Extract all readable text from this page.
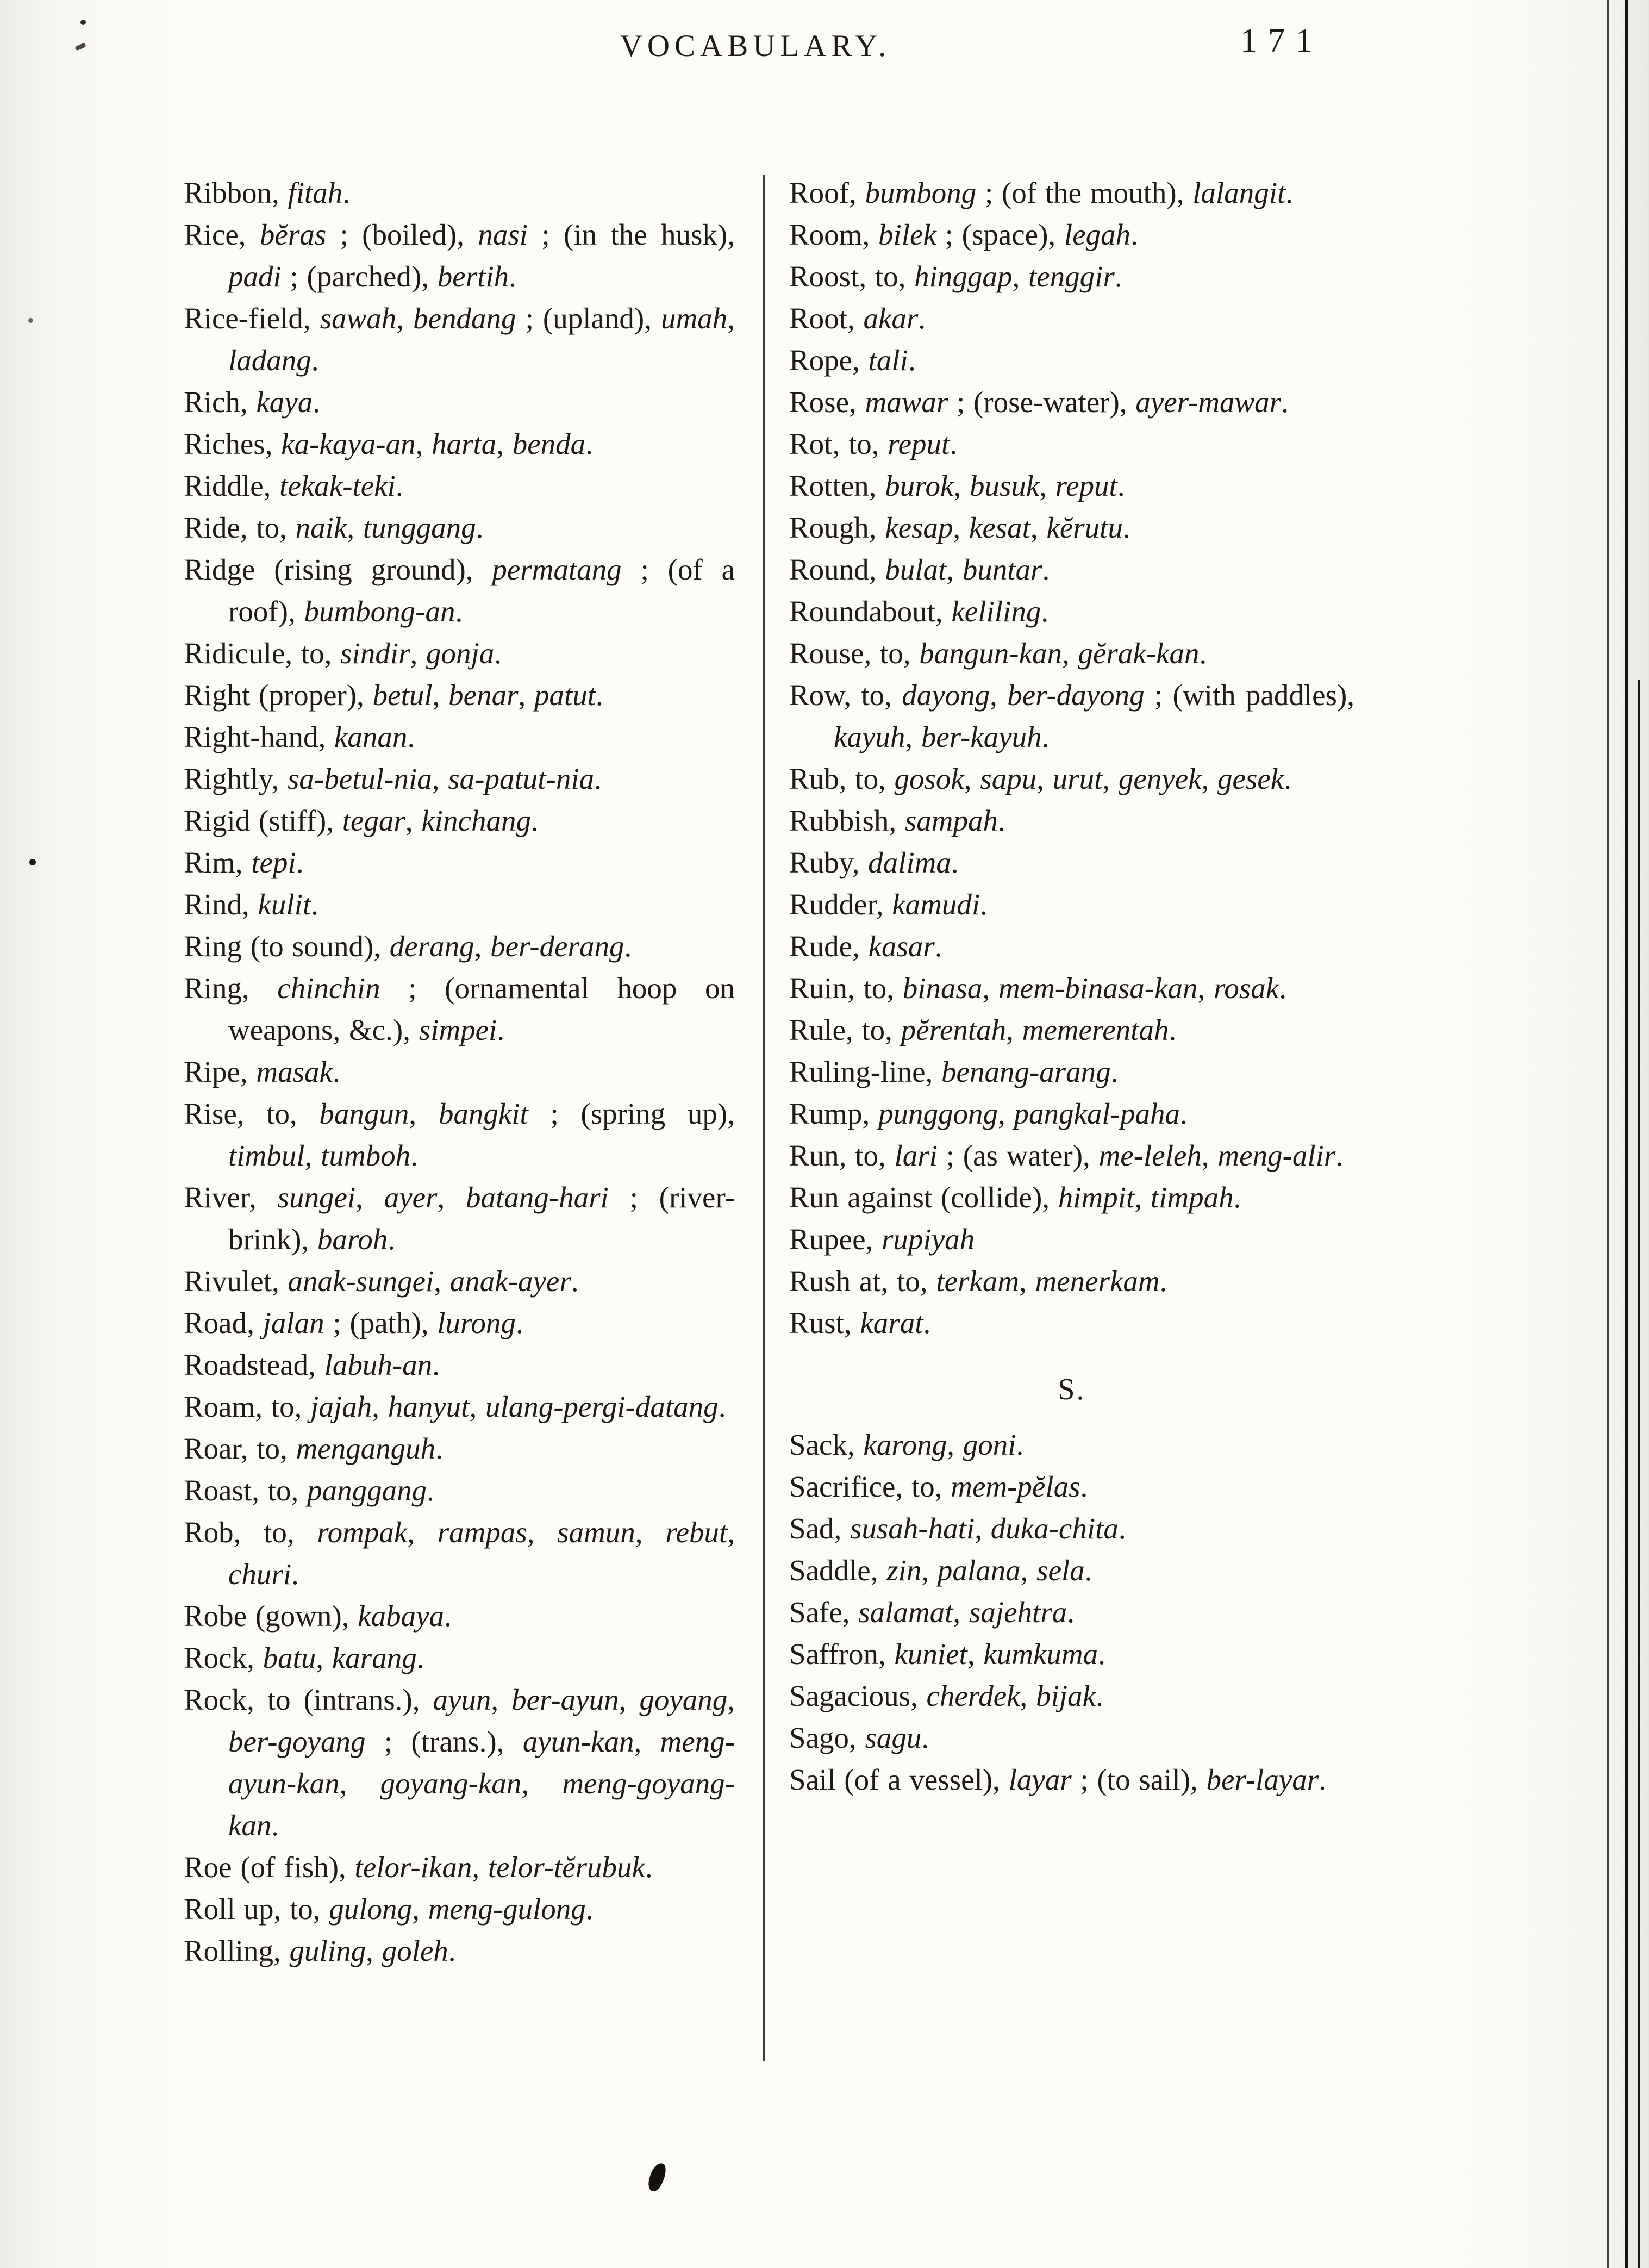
VOCABULARY.	171

Ribbon, fitah.

Rice, bĕras ; (boiled), nasi ; (in the husk), padi ; (parched), bertih.

Rice-field, sawah, bendang ; (upland), umah, ladang.

Rich, kaya.

Riches, ka-kaya-an, harta, benda.

Riddle, tekak-teki.

Ride, to, naik, tunggang.

Ridge (rising ground), permatang ; (of a roof), bumbong-an.

Ridicule, to, sindir, gonja.

Right (proper), betul, benar, patut.

Right-hand, kanan.

Rightly, sa-betul-nia, sa-patut-nia.

Rigid (stiff), tegar, kinchang.

Rim, tepi.

Rind, kulit.

Ring (to sound), derang, ber-derang.

Ring, chinchin ; (ornamental hoop on weapons, &c.), simpei.

Ripe, masak.

Rise, to, bangun, bangkit ; (spring up), timbul, tumboh.

River, sungei, ayer, batang-hari ; (river-brink), baroh.

Rivulet, anak-sungei, anak-ayer.

Road, jalan ; (path), lurong.

Roadstead, labuh-an.

Roam, to, jajah, hanyut, ulang-pergi-datang.

Roar, to, menganguh.

Roast, to, panggang.

Rob, to, rompak, rampas, samun, rebut, churi.

Robe (gown), kabaya.

Rock, batu, karang.

Rock, to (intrans.), ayun, ber-ayun, goyang, ber-goyang ; (trans.), ayun-kan, meng-ayun-kan, goyang-kan, meng-goyang-kan.

Roe (of fish), telor-ikan, telor-tĕrubuk.

Roll up, to, gulong, meng-gulong.

Rolling, guling, goleh.

Roof, bumbong ; (of the mouth), lalangit.

Room, bilek ; (space), legah.

Roost, to, hinggap, tenggir.

Root, akar.

Rope, tali.

Rose, mawar ; (rose-water), ayer-mawar.

Rot, to, reput.

Rotten, burok, busuk, reput.

Rough, kesap, kesat, kĕrutu.

Round, bulat, buntar.

Roundabout, keliling.

Rouse, to, bangun-kan, gĕrak-kan.

Row, to, dayong, ber-dayong ; (with paddles), kayuh, ber-kayuh.

Rub, to, gosok, sapu, urut, genyek, gesek.

Rubbish, sampah.

Ruby, dalima.

Rudder, kamudi.

Rude, kasar.

Ruin, to, binasa, mem-binasa-kan, rosak.

Rule, to, pĕrentah, memerentah.

Ruling-line, benang-arang.

Rump, punggong, pangkal-paha.

Run, to, lari ; (as water), me-leleh, meng-alir.

Run against (collide), himpit, timpah.

Rupee, rupiyah

Rush at, to, terkam, menerkam.

Rust, karat.

S.

Sack, karong, goni.

Sacrifice, to, mem-pĕlas.

Sad, susah-hati, duka-chita.

Saddle, zin, palana, sela.

Safe, salamat, sajehtra.

Saffron, kuniet, kumkuma.

Sagacious, cherdek, bijak.

Sago, sagu.

Sail (of a vessel), layar ; (to sail), ber-layar.
